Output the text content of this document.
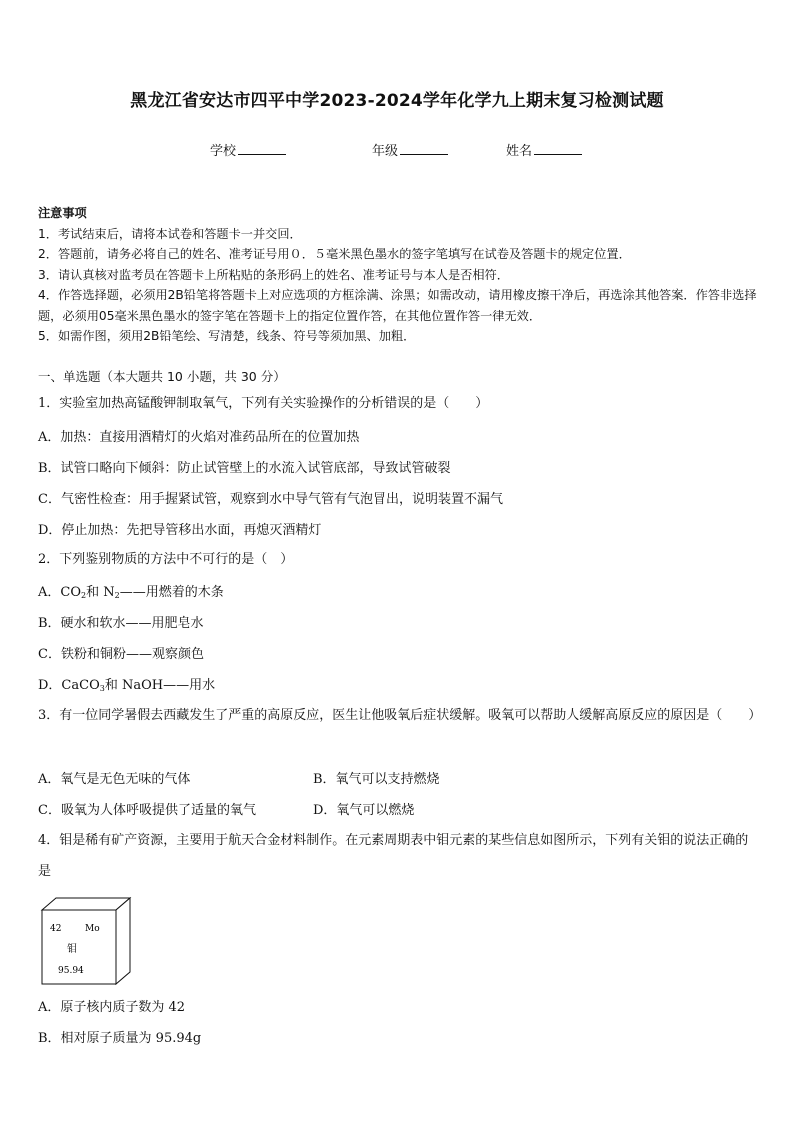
黑龙江省安达市四平中学2023-2024学年化学九上期末复习检测试题
学校	年级	姓名

注意事项

1．考试结束后，请将本试卷和答题卡一并交回．

2．答题前，请务必将自己的姓名、准考证号用０．５毫米黑色墨水的签字笔填写在试卷及答题卡的规定位置．

3．请认真核对监考员在答题卡上所粘贴的条形码上的姓名、准考证号与本人是否相符．

4．作答选择题，必须用2B铅笔将答题卡上对应选项的方框涂满、涂黑；如需改动，请用橡皮擦干净后，再选涂其他答案．作答非选择题，必须用05毫米黑色墨水的签字笔在答题卡上的指定位置作答，在其他位置作答一律无效．

5．如需作图，须用2B铅笔绘、写清楚，线条、符号等须加黑、加粗．

一、单选题（本大题共 10 小题，共 30 分）
1．实验室加热高锰酸钾制取氧气，下列有关实验操作的分析错误的是（　　）
A．加热：直接用酒精灯的火焰对准药品所在的位置加热
B．试管口略向下倾斜：防止试管壁上的水流入试管底部，导致试管破裂
C．气密性检查：用手握紧试管，观察到水中导气管有气泡冒出，说明装置不漏气
D．停止加热：先把导管移出水面，再熄灭酒精灯
2．下列鉴别物质的方法中不可行的是（　）
A．$CO_2$和 $N_2——$用燃着的木条
B．硬水和软水——用肥皂水
C．铁粉和铜粉——观察颜色
D．CaCO$_3$和 NaOH——用水
3．有一位同学暑假去西藏发生了严重的高原反应，医生让他吸氧后症状缓解。吸氧可以帮助人缓解高原反应的原因是（　　）
A．氧气是无色无味的气体	B．氧气可以支持燃烧
C．吸氧为人体呼吸提供了适量的氧气	D．氧气可以燃烧
4．钼是稀有矿产资源，主要用于航天合金材料制作。在元素周期表中钼元素的某些信息如图所示，下列有关钼的说法正确的是
42	Mo
钼
95.94
A．原子核内质子数为 42
B．相对原子质量为 95.94g
